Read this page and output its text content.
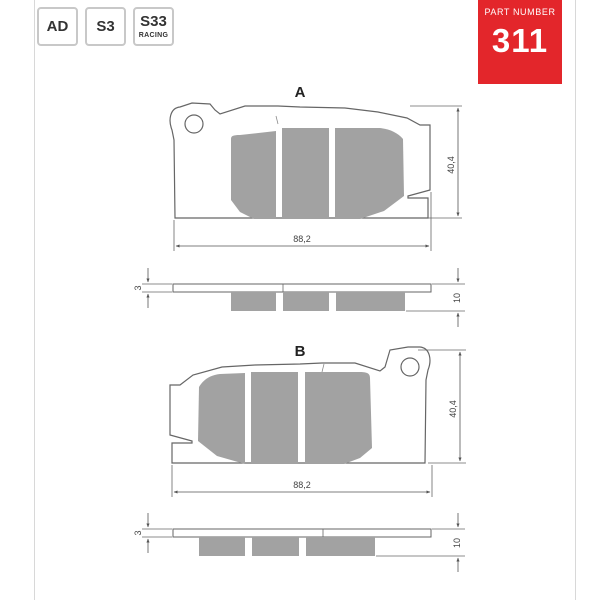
AD	S3	S33
RACING
PART NUMBER
311
A
40,4
88,2
3
10
B
40,4
88,2
3
10
